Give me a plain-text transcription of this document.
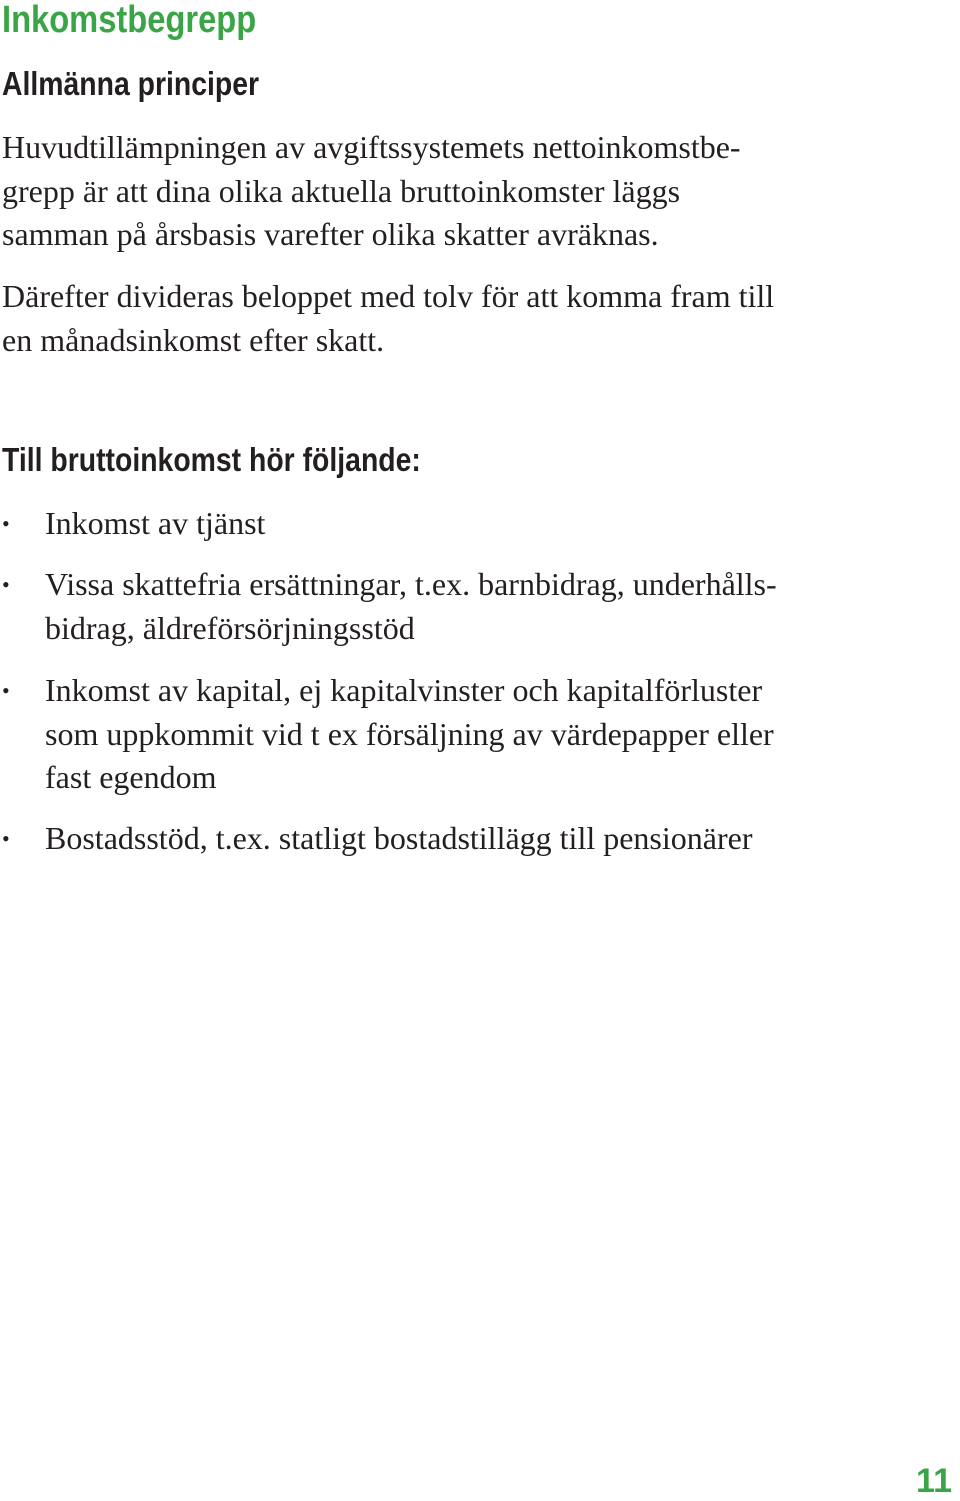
Inkomstbegrepp
Allmänna principer
Huvudtillämpningen av avgiftssystemets nettoinkomstbe-
grepp är att dina olika aktuella bruttoinkomster läggs
samman på årsbasis varefter olika skatter avräknas.
Därefter divideras beloppet med tolv för att komma fram till
en månadsinkomst efter skatt.
Till bruttoinkomst hör följande:
• Inkomst av tjänst
• Vissa skattefria ersättningar, t.ex. barnbidrag, underhålls-
bidrag, äldreförsörjningsstöd
• Inkomst av kapital, ej kapitalvinster och kapitalförluster
som uppkommit vid t ex försäljning av värdepapper eller
fast egendom
• Bostadsstöd, t.ex. statligt bostadstillägg till pensionärer
11
